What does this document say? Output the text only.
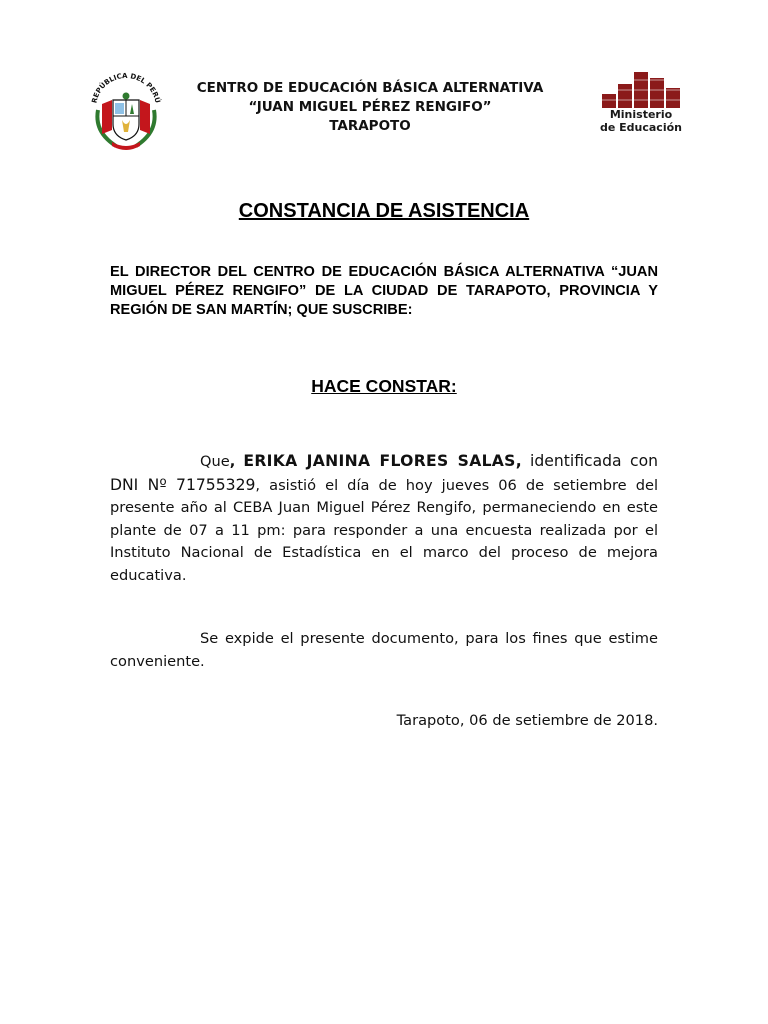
REPÚBLICA DEL PERÚ
CENTRO DE EDUCACIÓN BÁSICA ALTERNATIVA
“JUAN MIGUEL PÉREZ RENGIFO”
TARAPOTO
Ministerio
de Educación
CONSTANCIA DE ASISTENCIA
EL DIRECTOR DEL CENTRO DE EDUCACIÓN BÁSICA ALTERNATIVA “JUAN MIGUEL PÉREZ RENGIFO” DE LA CIUDAD DE TARAPOTO, PROVINCIA Y REGIÓN DE SAN MARTÍN; QUE SUSCRIBE:
HACE CONSTAR:

Que, ERIKA JANINA FLORES SALAS, identificada con DNI Nº 71755329, asistió el día de hoy jueves 06 de setiembre del presente año al CEBA Juan Miguel Pérez Rengifo, permaneciendo en este plante de 07 a 11 pm: para responder a una encuesta realizada por el Instituto Nacional de Estadística en el marco del proceso de mejora educativa.

Se expide el presente documento, para los fines que estime conveniente.

Tarapoto, 06 de setiembre de 2018.
